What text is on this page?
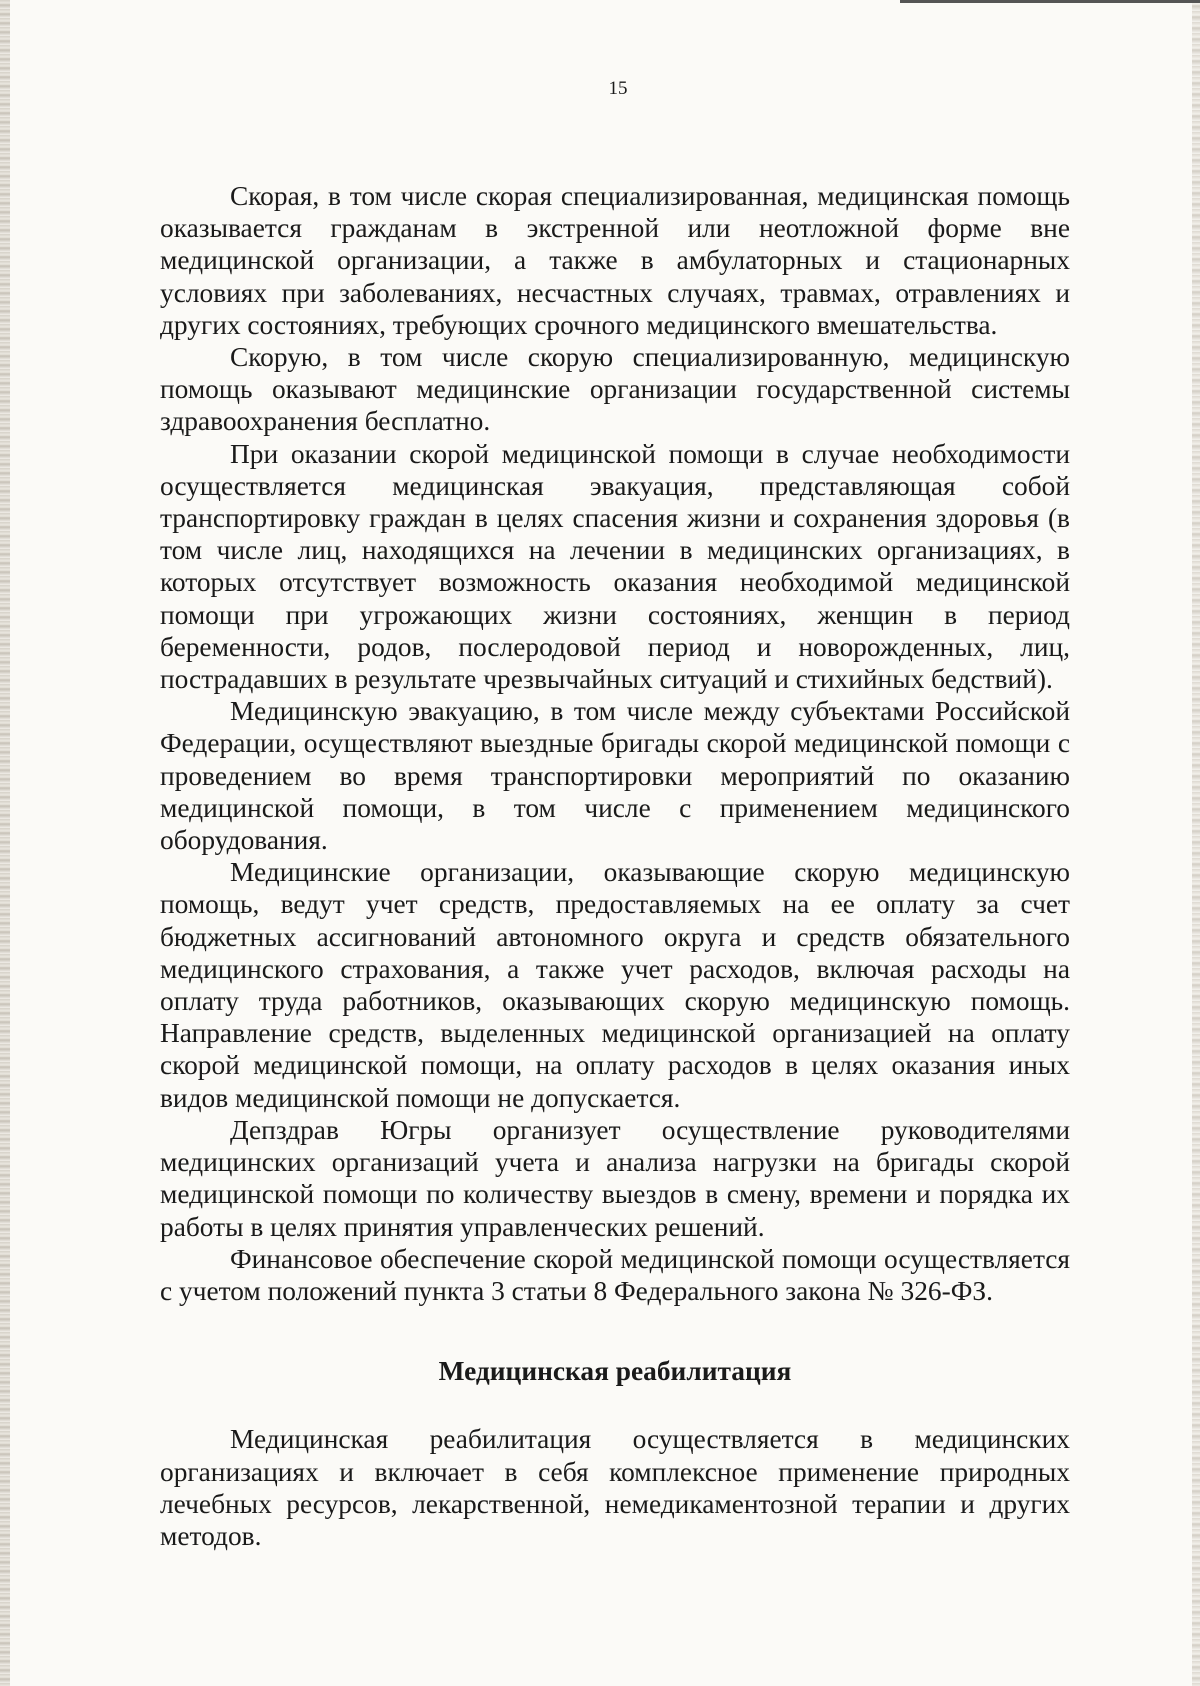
15

Скорая, в том числе скорая специализированная, медицинская помощь оказывается гражданам в экстренной или неотложной форме вне медицинской организации, а также в амбулаторных и стационарных условиях при заболеваниях, несчастных случаях, травмах, отравлениях и других состояниях, требующих срочного медицинского вмешательства.

Скорую, в том числе скорую специализированную, медицинскую помощь оказывают медицинские организации государственной системы здравоохранения бесплатно.

При оказании скорой медицинской помощи в случае необходимости осуществляется медицинская эвакуация, представляющая собой транспортировку граждан в целях спасения жизни и сохранения здоровья (в том числе лиц, находящихся на лечении в медицинских организациях, в которых отсутствует возможность оказания необходимой медицинской помощи при угрожающих жизни состояниях, женщин в период беременности, родов, послеродовой период и новорожденных, лиц, пострадавших в результате чрезвычайных ситуаций и стихийных бедствий).

Медицинскую эвакуацию, в том числе между субъектами Российской Федерации, осуществляют выездные бригады скорой медицинской помощи с проведением во время транспортировки мероприятий по оказанию медицинской помощи, в том числе с применением медицинского оборудования.

Медицинские организации, оказывающие скорую медицинскую помощь, ведут учет средств, предоставляемых на ее оплату за счет бюджетных ассигнований автономного округа и средств обязательного медицинского страхования, а также учет расходов, включая расходы на оплату труда работников, оказывающих скорую медицинскую помощь. Направление средств, выделенных медицинской организацией на оплату скорой медицинской помощи, на оплату расходов в целях оказания иных видов медицинской помощи не допускается.

Депздрав Югры организует осуществление руководителями медицинских организаций учета и анализа нагрузки на бригады скорой медицинской помощи по количеству выездов в смену, времени и порядка их работы в целях принятия управленческих решений.

Финансовое обеспечение скорой медицинской помощи осуществляется с учетом положений пункта 3 статьи 8 Федерального закона № 326-ФЗ.

Медицинская реабилитация

Медицинская реабилитация осуществляется в медицинских организациях и включает в себя комплексное применение природных лечебных ресурсов, лекарственной, немедикаментозной терапии и других методов.
